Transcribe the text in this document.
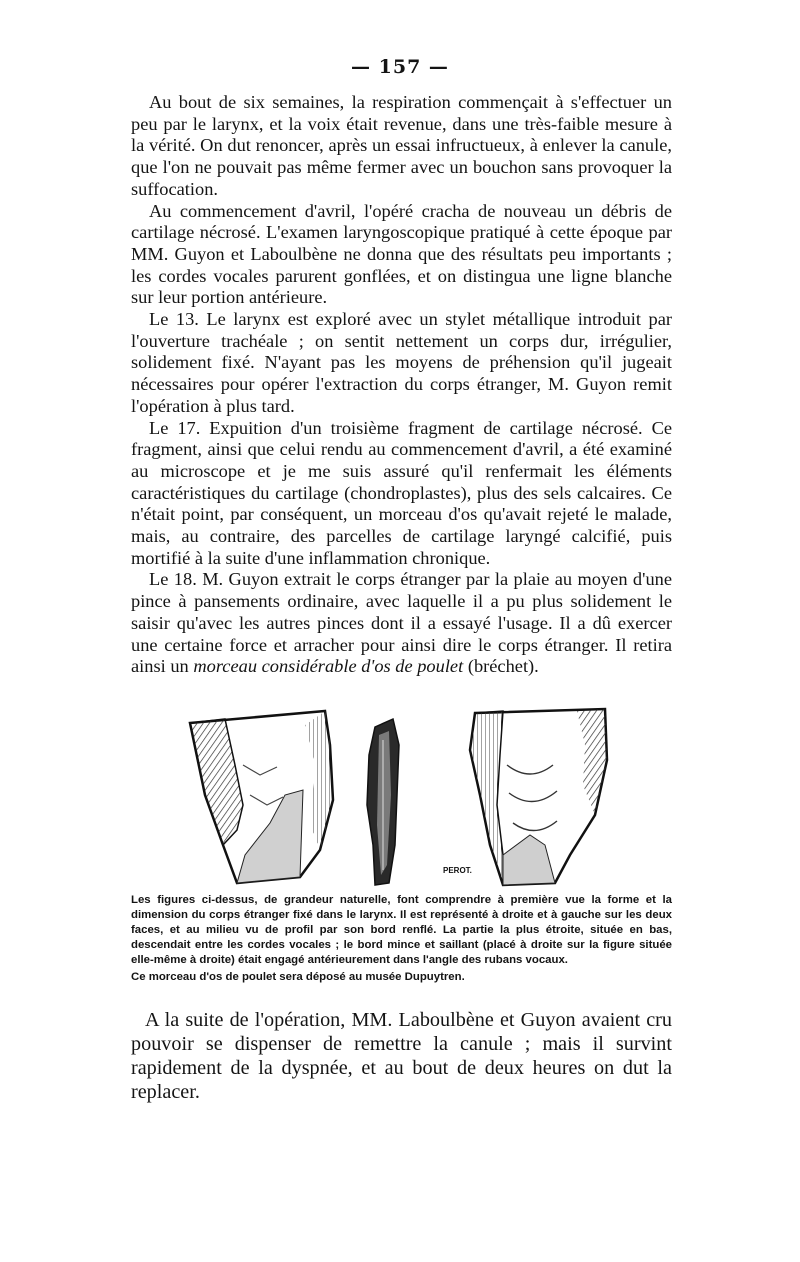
— 157 —

Au bout de six semaines, la respiration commençait à s'effectuer un peu par le larynx, et la voix était revenue, dans une très-faible mesure à la vérité. On dut renoncer, après un essai infructueux, à enlever la canule, que l'on ne pouvait pas même fermer avec un bouchon sans provoquer la suffocation.

Au commencement d'avril, l'opéré cracha de nouveau un débris de cartilage nécrosé. L'examen laryngoscopique pratiqué à cette époque par MM. Guyon et Laboulbène ne donna que des résultats peu importants ; les cordes vocales parurent gonflées, et on distingua une ligne blanche sur leur portion antérieure.

Le 13. Le larynx est exploré avec un stylet métallique introduit par l'ouverture trachéale ; on sentit nettement un corps dur, irrégulier, solidement fixé. N'ayant pas les moyens de préhension qu'il jugeait nécessaires pour opérer l'extraction du corps étranger, M. Guyon remit l'opération à plus tard.

Le 17. Expuition d'un troisième fragment de cartilage nécrosé. Ce fragment, ainsi que celui rendu au commencement d'avril, a été examiné au microscope et je me suis assuré qu'il renfermait les éléments caractéristiques du cartilage (chondroplastes), plus des sels calcaires. Ce n'était point, par conséquent, un morceau d'os qu'avait rejeté le malade, mais, au contraire, des parcelles de cartilage laryngé calcifié, puis mortifié à la suite d'une inflammation chronique.

Le 18. M. Guyon extrait le corps étranger par la plaie au moyen d'une pince à pansements ordinaire, avec laquelle il a pu plus solidement le saisir qu'avec les autres pinces dont il a essayé l'usage. Il a dû exercer une certaine force et arracher pour ainsi dire le corps étranger. Il retira ainsi un morceau considérable d'os de poulet (bréchet).

PEROT.

Les figures ci-dessus, de grandeur naturelle, font comprendre à première vue la forme et la dimension du corps étranger fixé dans le larynx. Il est représenté à droite et à gauche sur les deux faces, et au milieu vu de profil par son bord renflé. La partie la plus étroite, située en bas, descendait entre les cordes vocales ; le bord mince et saillant (placé à droite sur la figure située elle-même à droite) était engagé antérieurement dans l'angle des rubans vocaux.

Ce morceau d'os de poulet sera déposé au musée Dupuytren.

A la suite de l'opération, MM. Laboulbène et Guyon avaient cru pouvoir se dispenser de remettre la canule ; mais il survint rapidement de la dyspnée, et au bout de deux heures on dut la replacer.
